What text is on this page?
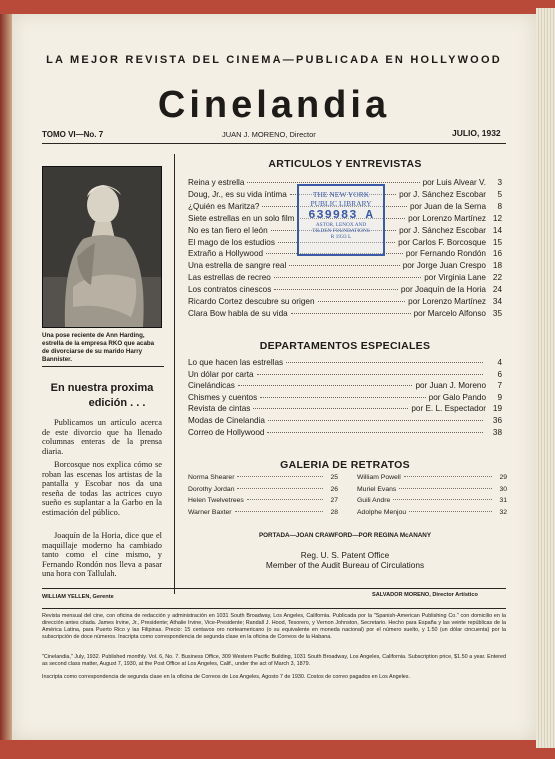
LA MEJOR REVISTA DEL CINEMA—PUBLICADA EN HOLLYWOOD
Cinelandia
TOMO VI—No. 7	JUAN J. MORENO, Director	JULIO, 1932
Una pose reciente de Ann Harding, estrella de la empresa RKO que acaba de divorciarse de su marido Harry Bannister.
En nuestra proxima
edición . . .
Publicamos un artículo acerca de este divorcio que ha llenado columnas enteras de la prensa diaria.
Borcosque nos explica cómo se roban las escenas los artistas de la pantalla y Escobar nos da una reseña de todas las actrices cuyo sueño es suplantar a la Garbo en la estimación del público.
Joaquín de la Horia, dice que el maquillaje moderno ha cambiado tanto como el cine mismo, y Fernando Rondón nos lleva a pasar una hora con Tallulah.
ARTICULOS Y ENTREVISTAS
Reina y estrella	por Luis Alvear V.	3
Doug, Jr., es su vida íntima	por J. Sánchez Escobar	5
¿Quién es Maritza?	por Juan de la Serna	8
Siete estrellas en un solo film	por Lorenzo Martínez 12
No es tan fiero el león	por J. Sánchez Escobar 14
El mago de los estudios	por Carlos F. Borcosque 15
Extraño a Hollywood	por Fernando Rondón 16
Una estrella de sangre real	por Jorge Juan Crespo 18
Las estrellas de recreo	por Virginia Lane 22
Los contratos cinescos	por Joaquín de la Horia 24
Ricardo Cortez descubre su origen	por Lorenzo Martínez 34
Clara Bow habla de su vida	por Marcelo Alfonso 35
DEPARTAMENTOS ESPECIALES
Lo que hacen las estrellas	4
Un dólar por carta	6
Cinelándicas	por Juan J. Moreno	7
Chismes y cuentos	por Galo Pando	9
Revista de cintas	por E. L. Espectador 19
Modas de Cinelandia	36
Correo de Hollywood	38
GALERIA DE RETRATOS
Norma Shearer	25
Dorothy Jordan	26
Helen Twelvetrees	27
Warner Baxter	28
William Powell	29
Muriel Evans	30
Guili Andre	31
Adolphe Menjou	32
PORTADA—JOAN CRAWFORD—POR REGINA McANANY
Reg. U. S. Patent Office
Member of the Audit Bureau of Circulations
THE NEW YORK
PUBLIC LIBRARY
639983 A
ASTOR, LENOX AND
TILDEN FOUNDATIONS
R 1933 L
WILLIAM YELLEN, Gerente	SALVADOR MORENO, Director Artístico
Revista mensual del cine, con oficina de redacción y administración en 1031 South Broadway, Los Angeles, California. Publicada por la "Spanish-American Publishing Co." con domicilio en la dirección antes citada. James Irvine, Jr., Presidente; Athalie Irvine, Vice-Presidente; Randall J. Hood, Tesorero, y Vernon Johnston, Secretario. Hecho para España y las veinte repúblicas de la América Latina, para Puerto Rico y las Filipinas. Precio: 15 centavos oro norteamericano (o su equivalente en moneda nacional) por el número suelto, y 1.50 (un dólar cincuenta) por la subscripción de doce números. Inscripta como correspondencia de segunda clase en la oficina de Correos de la Habana.
"Cinelandia," July, 1932. Published monthly. Vol. 6, No. 7. Business Office, 309 Western Pacific Building, 1031 South Broadway, Los Angeles, California. Subscription price, $1.50 a year. Entered as second class matter, August 7, 1930, at the Post Office at Los Angeles, Calif., under the act of March 3, 1879.
Inscripta como correspondencia de segunda clase en la oficina de Correos de Los Angeles, Agosto 7 de 1930. Costos de correo pagados en Los Angeles.
